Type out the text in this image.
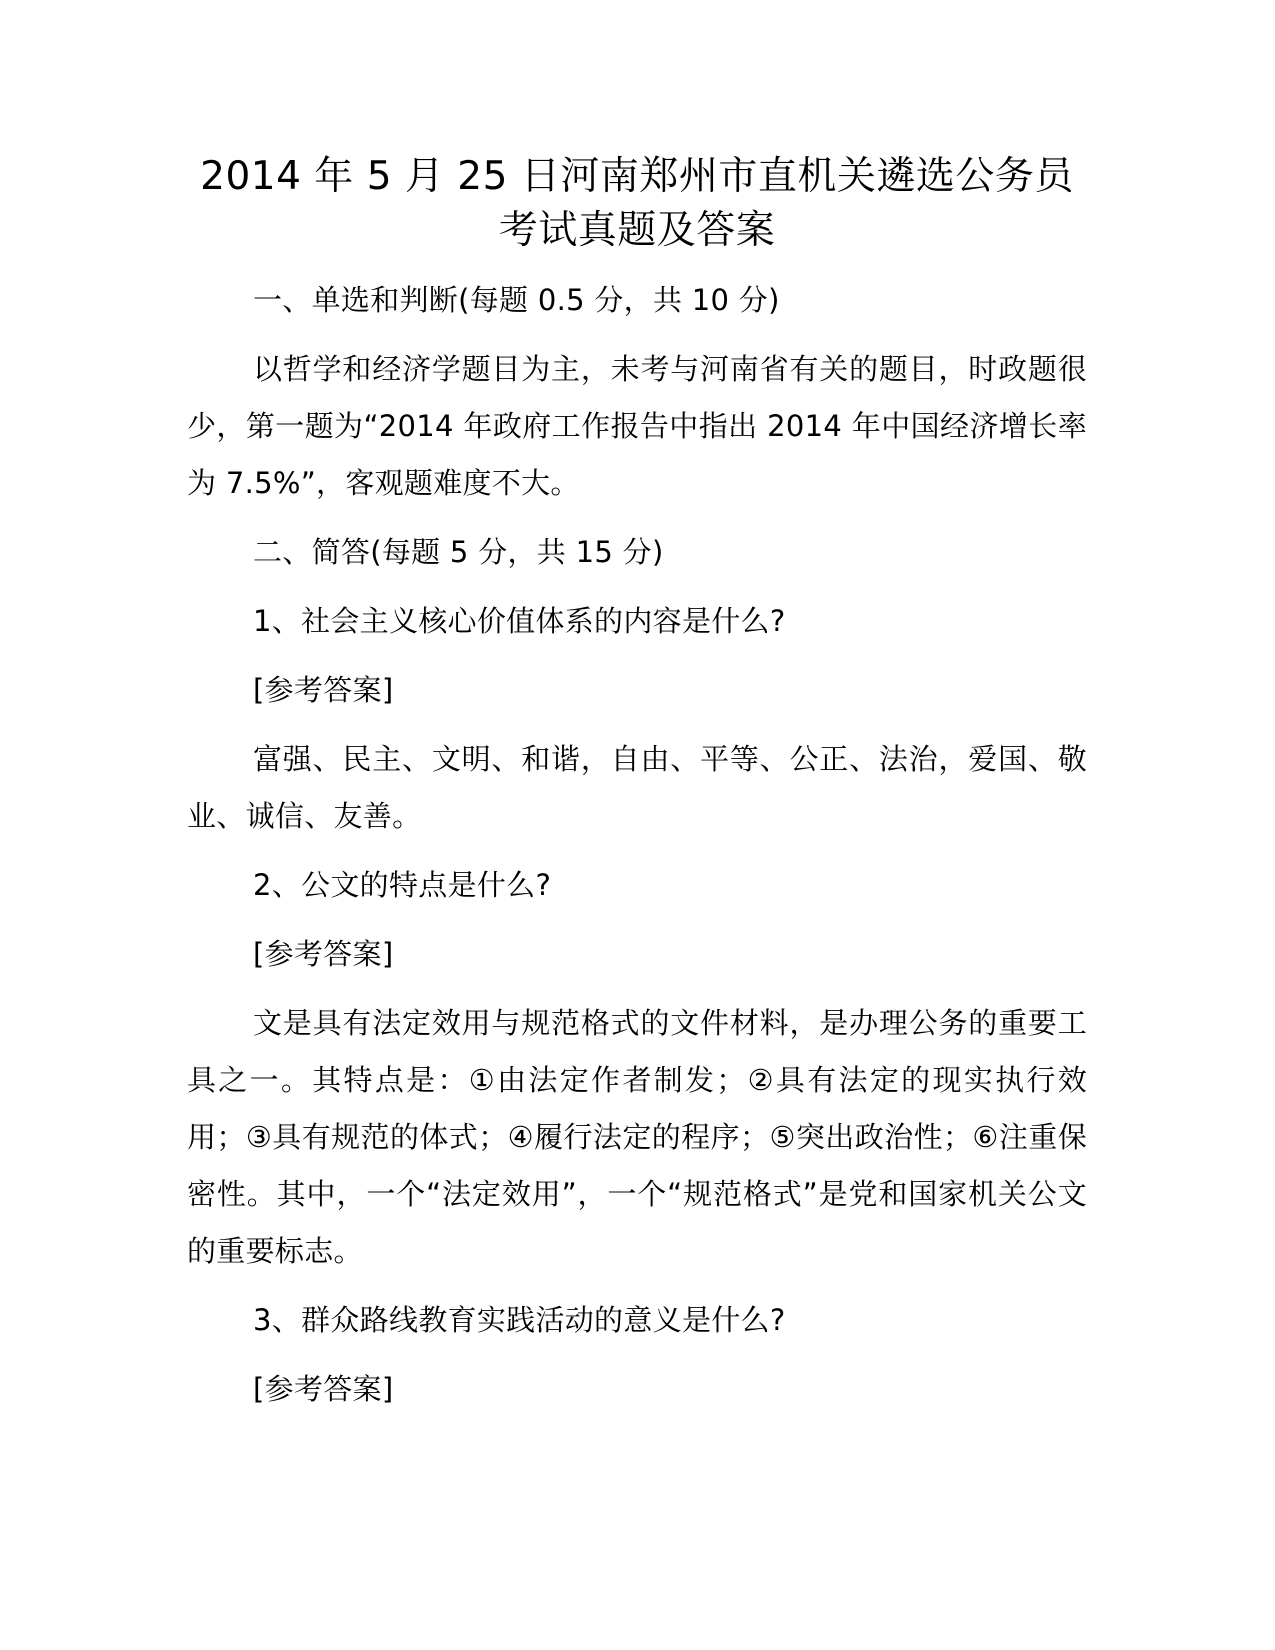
2014 年 5 月 25 日河南郑州市直机关遴选公务员
考试真题及答案

一、单选和判断(每题 0.5 分，共 10 分)

以哲学和经济学题目为主，未考与河南省有关的题目，时政题很少，第一题为“2014 年政府工作报告中指出 2014 年中国经济增长率为 7.5%”，客观题难度不大。

二、简答(每题 5 分，共 15 分)

1、社会主义核心价值体系的内容是什么?

[参考答案]

富强、民主、文明、和谐，自由、平等、公正、法治，爱国、敬业、诚信、友善。

2、公文的特点是什么?

[参考答案]

文是具有法定效用与规范格式的文件材料，是办理公务的重要工具之一。其特点是：①由法定作者制发；②具有法定的现实执行效用；③具有规范的体式；④履行法定的程序；⑤突出政治性；⑥注重保密性。其中，一个“法定效用”，一个“规范格式”是党和国家机关公文的重要标志。

3、群众路线教育实践活动的意义是什么?

[参考答案]
